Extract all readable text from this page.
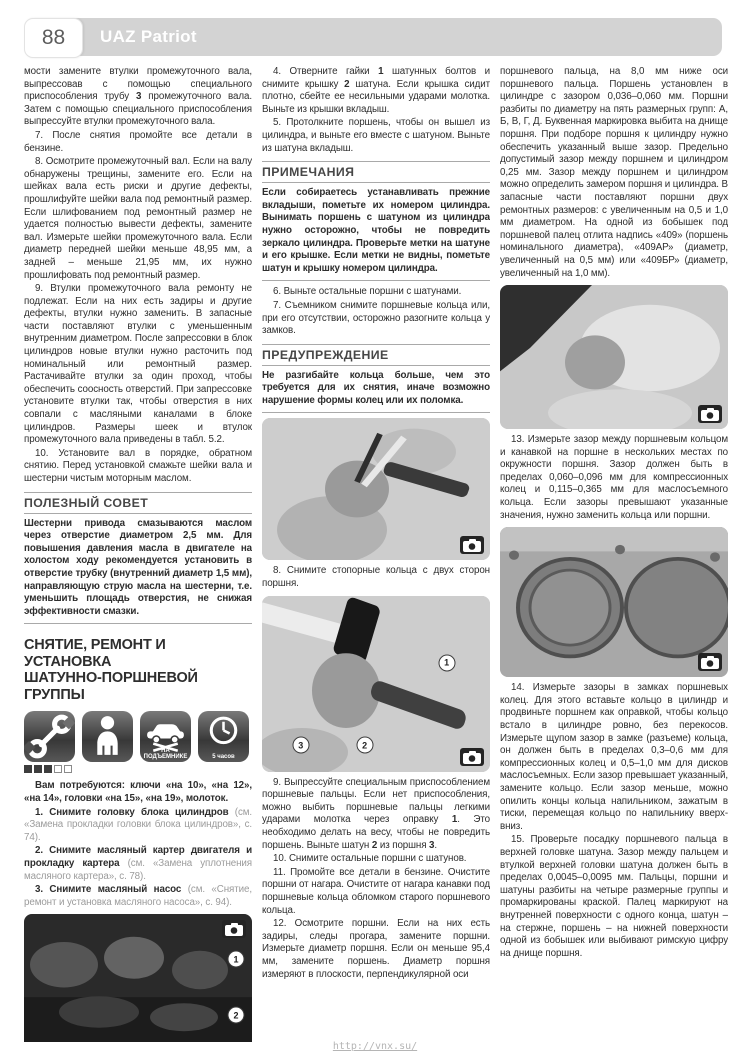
88	UAZ Patriot

мости замените втулки промежуточного вала, выпрессовав с помощью специального приспособления трубу 3 промежуточного вала. Затем с помощью специального приспособления выпрессуйте втулки промежуточного вала.

7. После снятия промойте все детали в бензине.

8. Осмотрите промежуточный вал. Если на валу обнаружены трещины, замените его. Если на шейках вала есть риски и другие дефекты, прошлифуйте шейки вала под ремонтный размер. Если шлифованием под ремонтный размер не удается полностью вывести дефекты, замените вал. Измерьте шейки промежуточного вала. Если диаметр передней шейки меньше 48,95 мм, а задней – меньше 21,95 мм, их нужно прошлифовать под ремонтный размер.

9. Втулки промежуточного вала ремонту не подлежат. Если на них есть задиры и другие дефекты, втулки нужно заменить. В запасные части поставляют втулки с уменьшенным внутренним диаметром. После запрессовки в блок цилиндров новые втулки нужно расточить под номинальный или ремонтный размер. Растачивайте втулки за один проход, чтобы обеспечить соосность отверстий. При запрессовке установите втулки так, чтобы отверстия в них совпали с масляными каналами в блоке цилиндров. Размеры шеек и втулок промежуточного вала приведены в табл. 5.2.

10. Установите вал в порядке, обратном снятию. Перед установкой смажьте шейки вала и шестерни чистым моторным маслом.

ПОЛЕЗНЫЙ СОВЕТ
Шестерни привода смазываются маслом через отверстие диаметром 2,5 мм. Для повышения давления масла в двигателе на холостом ходу рекомендуется установить в отверстие трубку (внутренний диаметр 1,5 мм), направляющую струю масла на шестерни, т.е. уменьшить площадь отверстия, не снижая эффективности смазки.
СНЯТИЕ, РЕМОНТ И УСТАНОВКА
ШАТУННО-ПОРШНЕВОЙ ГРУППЫ
НА ПОДЪЕМНИКЕ	5 часов

Вам потребуются: ключи «на 10», «на 12», «на 14», головки «на 15», «на 19», молоток.

1. Снимите головку блока цилиндров (см. «Замена прокладки головки блока цилиндров», с. 74).

2. Снимите масляный картер двигателя и прокладку картера (см. «Замена уплотнения масляного картера», с. 78).

3. Снимите масляный насос (см. «Снятие, ремонт и установка масляного насоса», с. 94).

1
2

4. Отверните гайки 1 шатунных болтов и снимите крышку 2 шатуна. Если крышка сидит плотно, сбейте ее несильными ударами молотка. Выньте из крышки вкладыш.

5. Протолкните поршень, чтобы он вышел из цилиндра, и выньте его вместе с шатуном. Выньте из шатуна вкладыш.

ПРИМЕЧАНИЯ
Если собираетесь устанавливать прежние вкладыши, пометьте их номером цилиндра. Вынимать поршень с шатуном из цилиндра нужно осторожно, чтобы не повредить зеркало цилиндра. Проверьте метки на шатуне и его крышке. Если метки не видны, пометьте шатун и крышку номером цилиндра.

6. Выньте остальные поршни с шатунами.

7. Съемником снимите поршневые кольца или, при его отсутствии, осторожно разогните кольца у замков.

ПРЕДУПРЕЖДЕНИЕ
Не разгибайте кольца больше, чем это требуется для их снятия, иначе возможно нарушение формы колец или их поломка.

8. Снимите стопорные кольца с двух сторон поршня.

1
3	2

9. Выпрессуйте специальным приспособлением поршневые пальцы. Если нет приспособления, можно выбить поршневые пальцы легкими ударами молотка через оправку 1. Это необходимо делать на весу, чтобы не повредить поршень. Выньте шатун 2 из поршня 3.

10. Снимите остальные поршни с шатунов.

11. Промойте все детали в бензине. Очистите поршни от нагара. Очистите от нагара канавки под поршневые кольца обломком старого поршневого кольца.

12. Осмотрите поршни. Если на них есть задиры, следы прогара, замените поршни. Измерьте диаметр поршня. Если он меньше 95,4 мм, замените поршень. Диаметр поршня измеряют в плоскости, перпендикулярной оси

поршневого пальца, на 8,0 мм ниже оси поршневого пальца. Поршень установлен в цилиндре с зазором 0,036–0,060 мм. Поршни разбиты по диаметру на пять размерных групп: А, Б, В, Г, Д. Буквенная маркировка выбита на днище поршня. При подборе поршня к цилиндру нужно обеспечить указанный выше зазор. Предельно допустимый зазор между поршнем и цилиндром 0,25 мм. Зазор между поршнем и цилиндром можно определить замером поршня и цилиндра. В запасные части поставляют поршни двух ремонтных размеров: с увеличенным на 0,5 и 1,0 мм диаметром. На одной из бобышек под поршневой палец отлита надпись «409» (поршень номинального диаметра), «409АР» (диаметр, увеличенный на 0,5 мм) или «409БР» (диаметр, увеличенный на 1,0 мм).

13. Измерьте зазор между поршневым кольцом и канавкой на поршне в нескольких местах по окружности поршня. Зазор должен быть в пределах 0,060–0,096 мм для компрессионных колец и 0,115–0,365 мм для маслосъемного кольца. Если зазоры превышают указанные значения, нужно заменить кольца или поршни.

14. Измерьте зазоры в замках поршневых колец. Для этого вставьте кольцо в цилиндр и продвиньте поршнем как оправкой, чтобы кольцо встало в цилиндре ровно, без перекосов. Измерьте щупом зазор в замке (разъеме) кольца, он должен быть в пределах 0,3–0,6 мм для компрессионных колец и 0,5–1,0 мм для дисков маслосъемных. Если зазор превышает указанный, замените кольцо. Если зазор меньше, можно опилить концы кольца напильником, зажатым в тиски, перемещая кольцо по напильнику вверх-вниз.

15. Проверьте посадку поршневого пальца в верхней головке шатуна. Зазор между пальцем и втулкой верхней головки шатуна должен быть в пределах 0,0045–0,0095 мм. Пальцы, поршни и шатуны разбиты на четыре размерные группы и промаркированы краской. Палец маркируют на внутренней поверхности с одного конца, шатун – на стержне, поршень – на нижней поверхности одной из бобышек или выбивают римскую цифру на днище поршня.

http://vnx.su/
